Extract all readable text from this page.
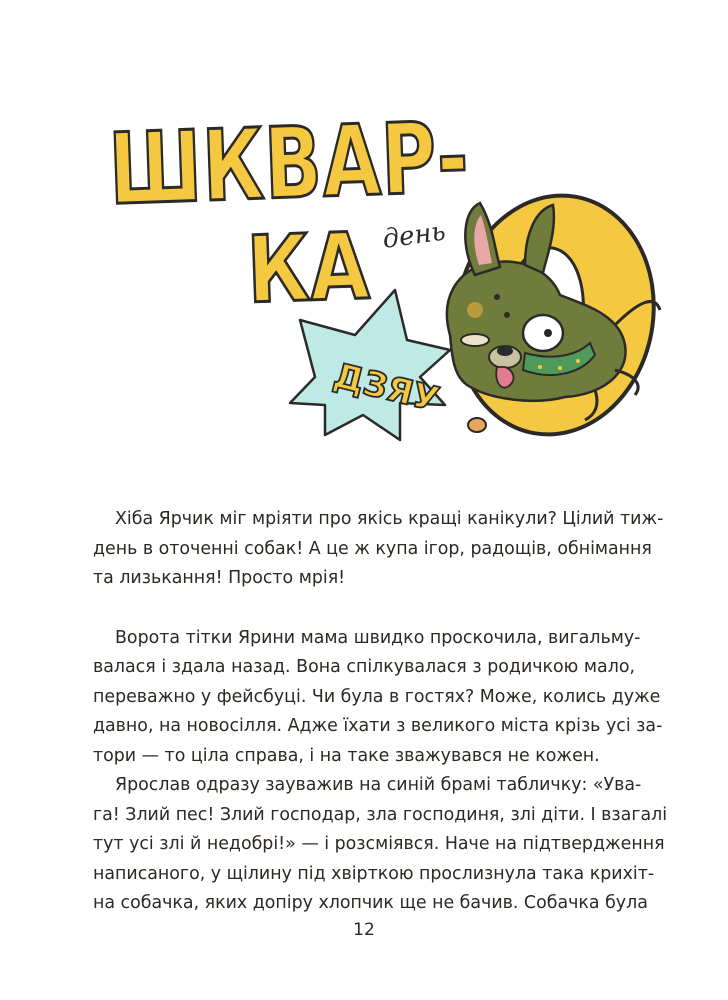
ШКВАР-
КА
день
ДЗЯУ

Хіба Ярчик міг мріяти про якісь кращі канікули? Цілий тиж-
день в оточенні собак! А це ж купа ігор, радощів, обнімання
та лизькання! Просто мрія!

Ворота тітки Ярини мама швидко проскочила, вигальму-
валася і здала назад. Вона спілкувалася з родичкою мало,
переважно у фейсбуці. Чи була в гостях? Може, колись дуже
давно, на новосілля. Адже їхати з великого міста крізь усі за-
тори — то ціла справа, і на таке зважувався не кожен.

Ярослав одразу зауважив на синій брамі табличку: «Ува-
га! Злий пес! Злий господар, зла господиня, злі діти. І взагалі
тут усі злі й недобрі!» — і розсміявся. Наче на підтвердження
написаного, у щілину під хвірткою прослизнула така крихіт-
на собачка, яких допіру хлопчик ще не бачив. Собачка була

12
